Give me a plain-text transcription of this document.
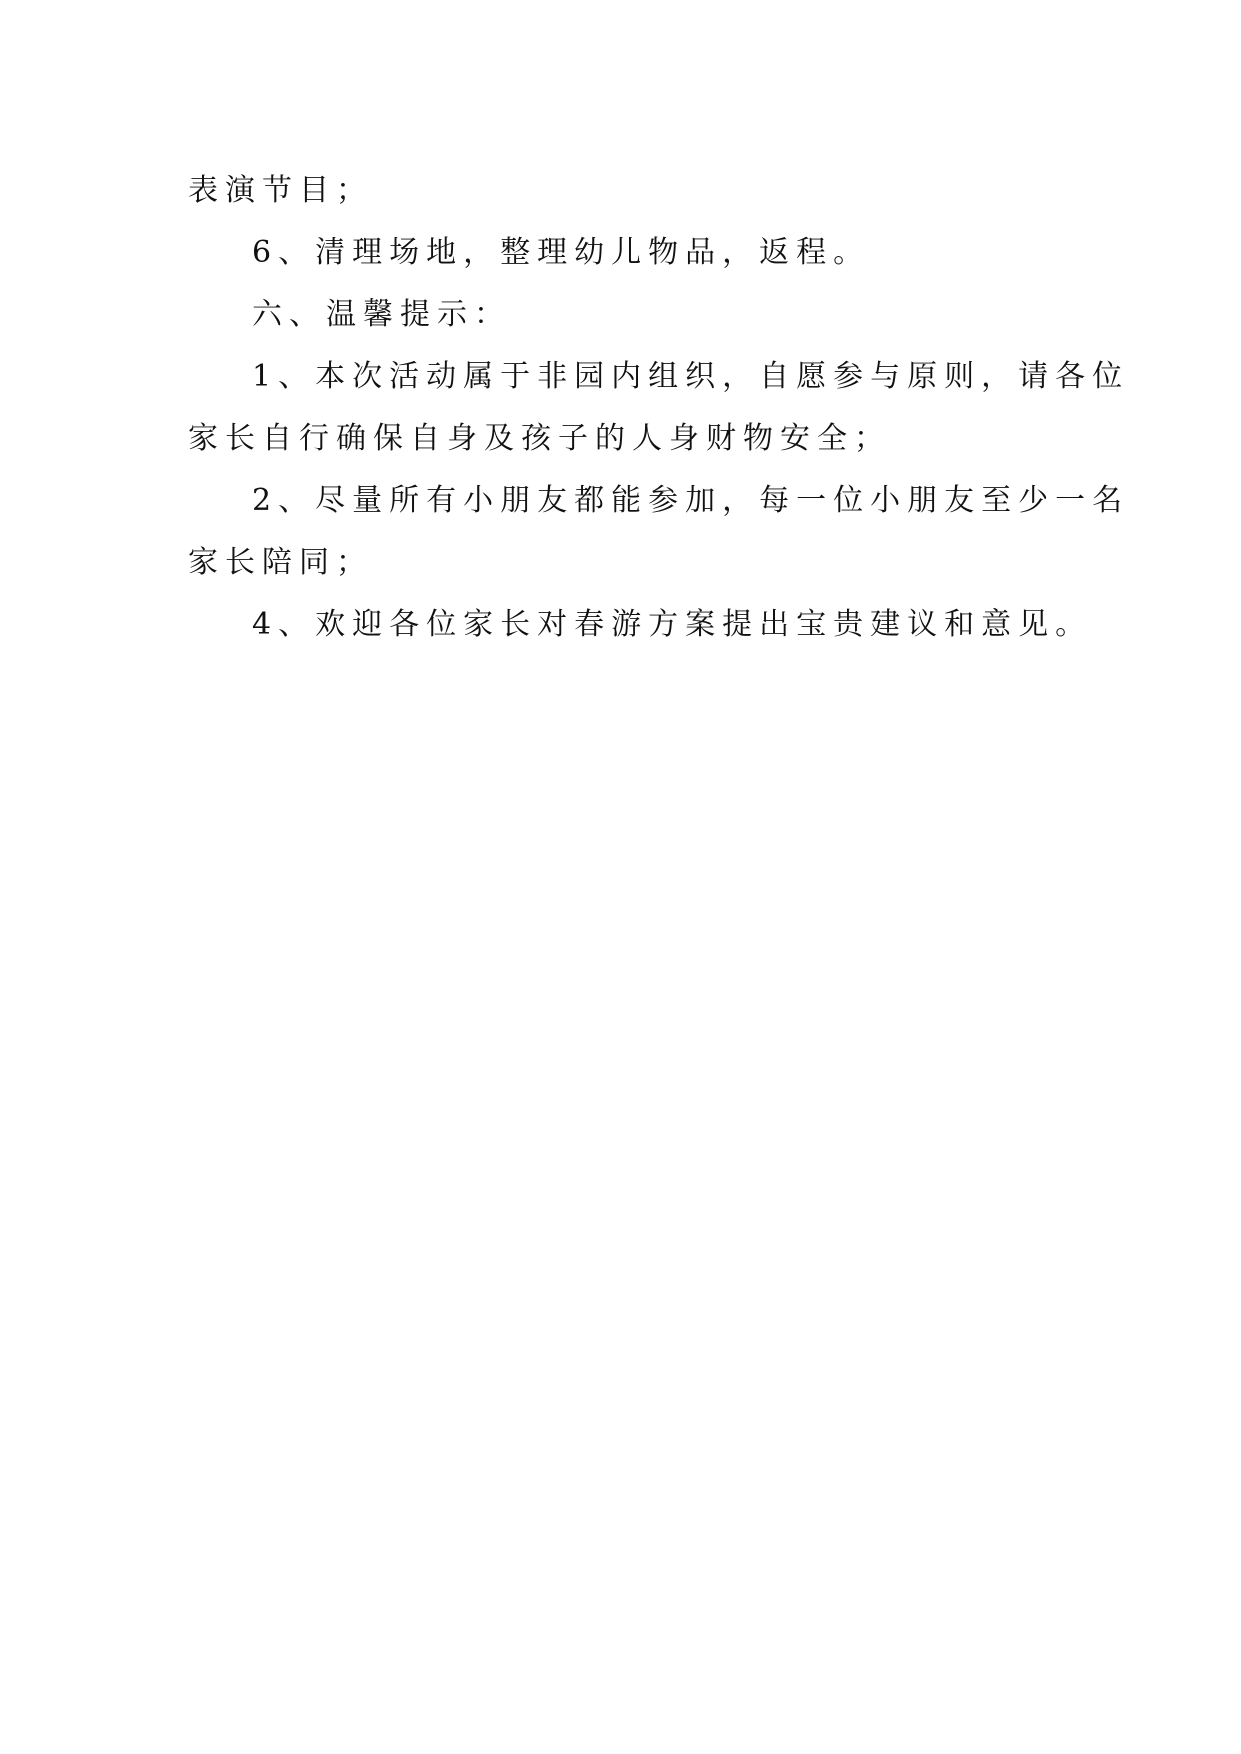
表演节目；
6、清理场地，整理幼儿物品，返程。
六、温馨提示：
1、本次活动属于非园内组织，自愿参与原则，请各位
家长自行确保自身及孩子的人身财物安全；
2、尽量所有小朋友都能参加，每一位小朋友至少一名
家长陪同；
4、欢迎各位家长对春游方案提出宝贵建议和意见。
